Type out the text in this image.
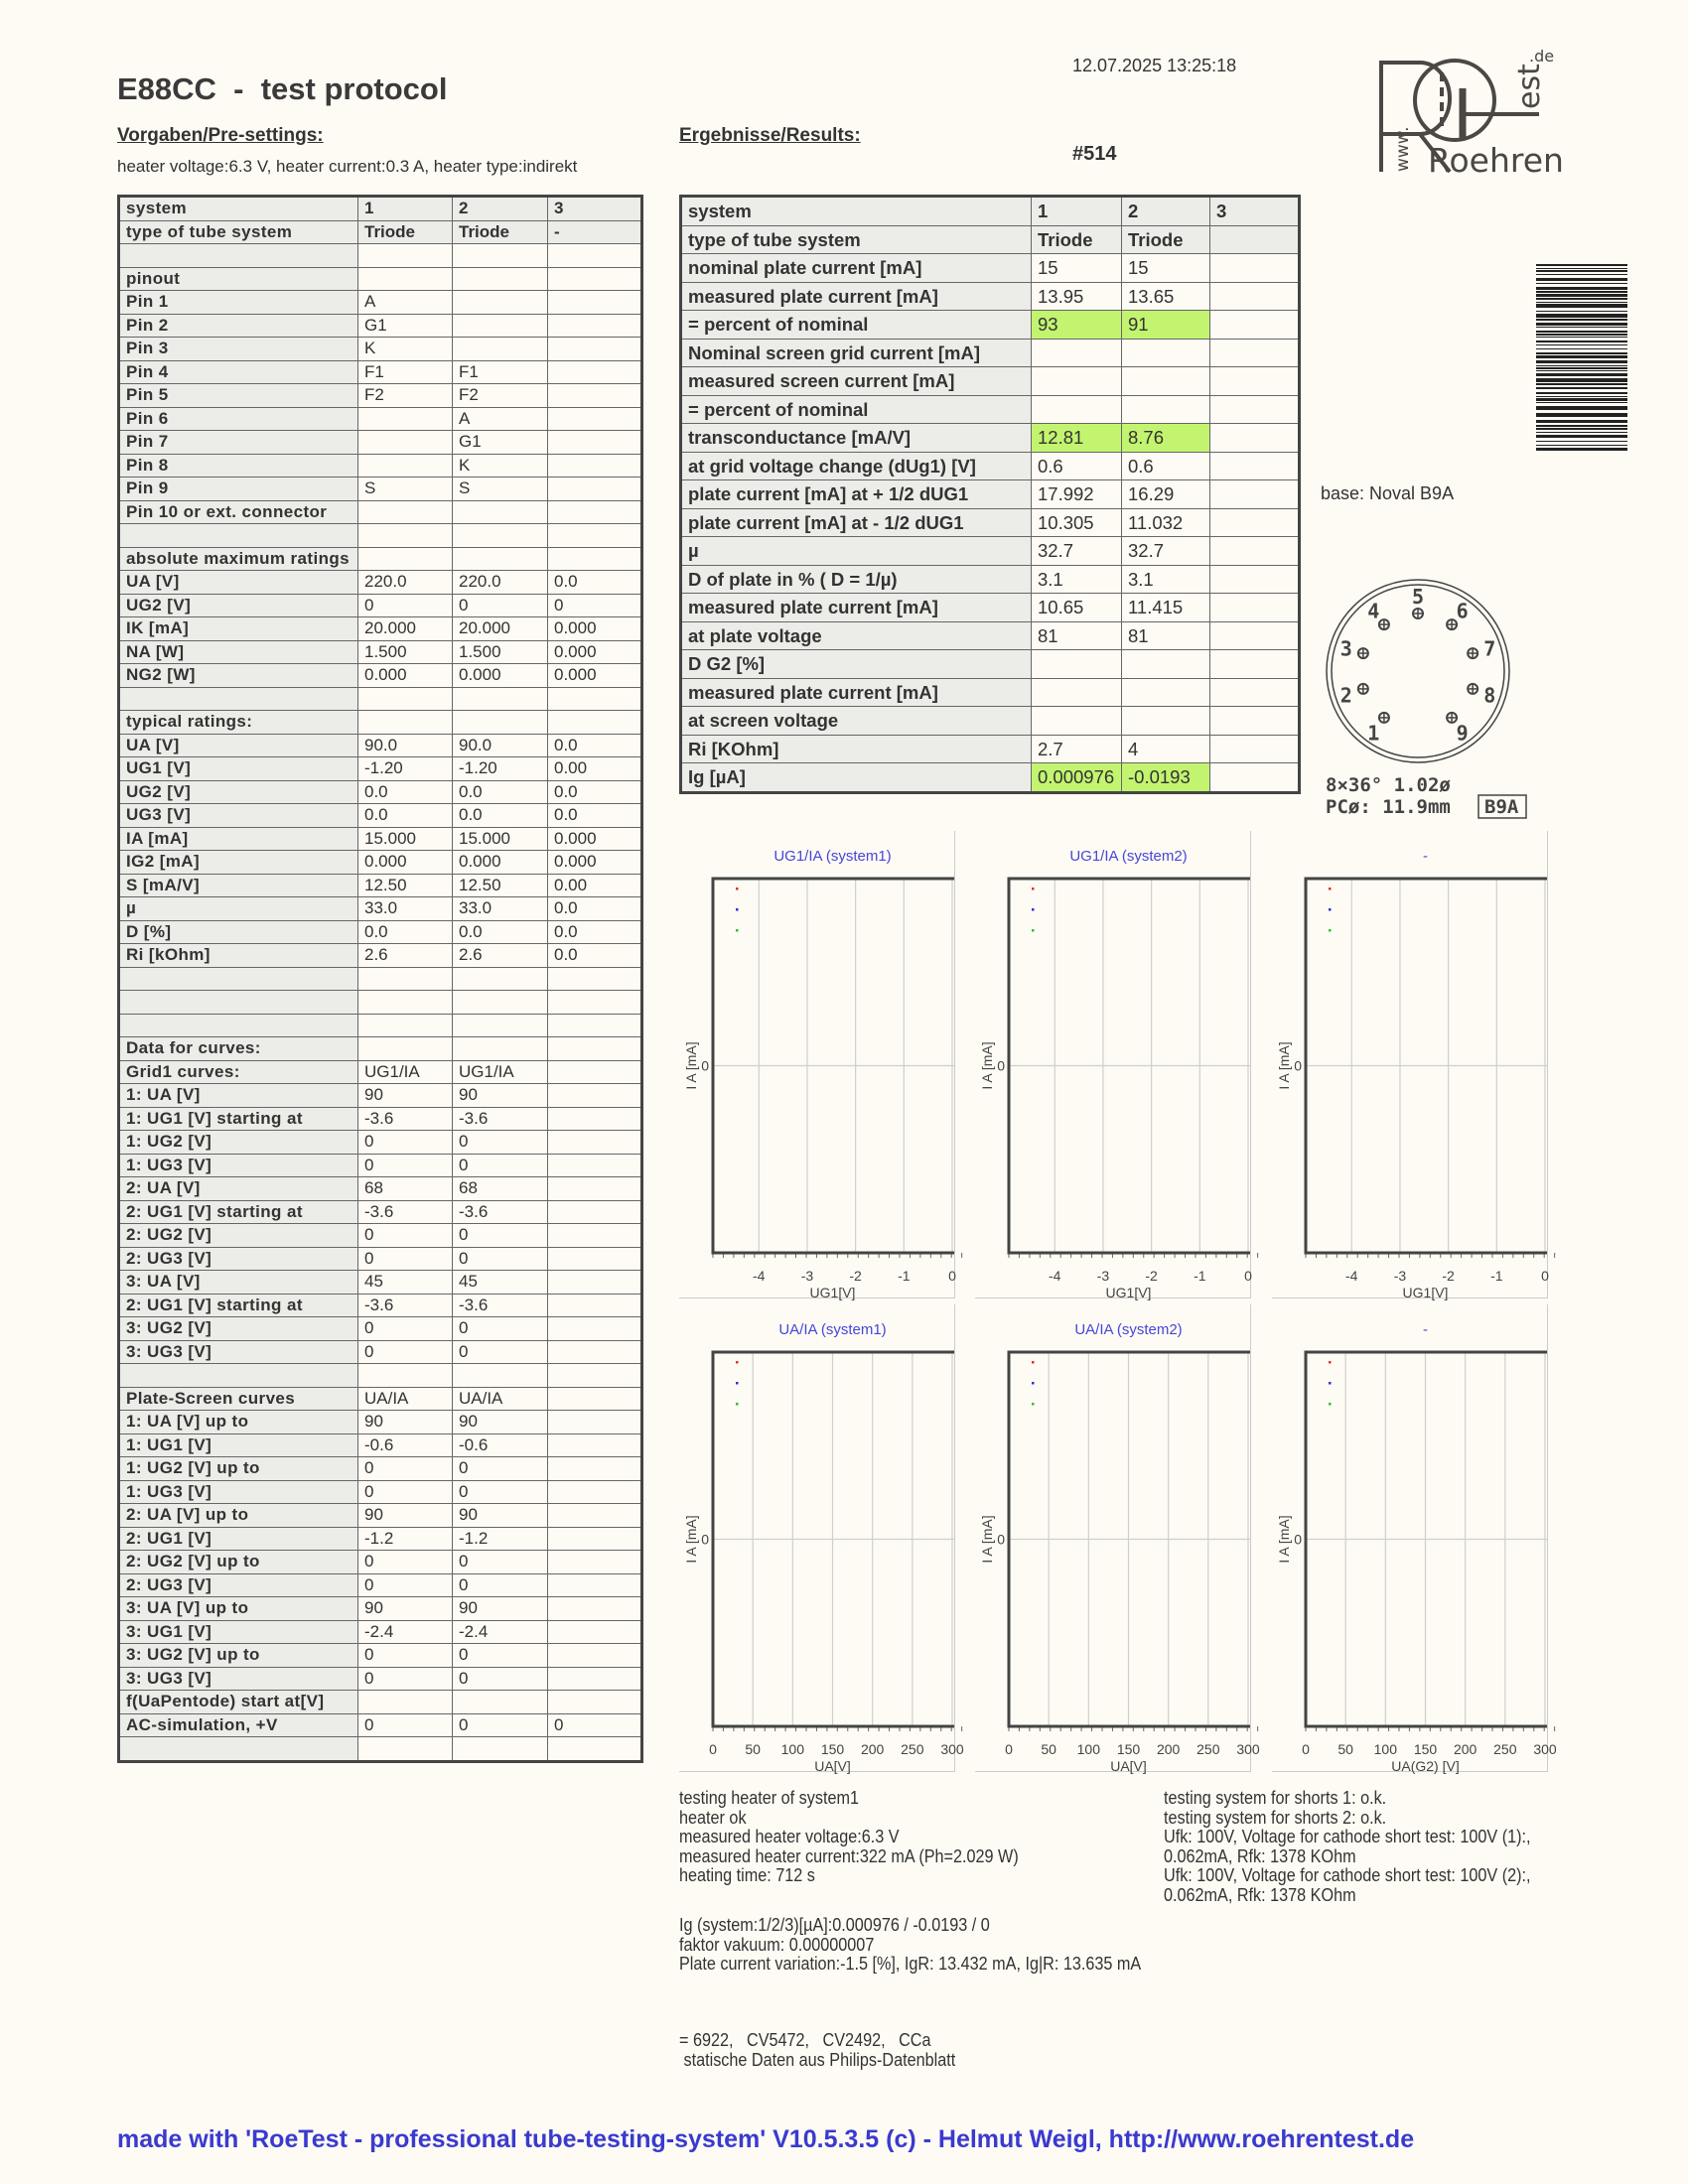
E88CC  -  test protocol
12.07.2025 13:25:18
Vorgaben/Pre-settings:
heater voltage:6.3 V, heater current:0.3 A, heater type:indirekt
Ergebnisse/Results:
#514
est
.de
www. Roehren
system	1	2	3
type of tube system	Triode	Triode	-

pinout			
Pin 1	A		
Pin 2	G1		
Pin 3	K		
Pin 4	F1	F1	
Pin 5	F2	F2	
Pin 6		A	
Pin 7		G1	
Pin 8		K	
Pin 9	S	S	
Pin 10 or ext. connector			

absolute maximum ratings			
UA [V]	220.0	220.0	0.0
UG2 [V]	0	0	0
IK [mA]	20.000	20.000	0.000
NA [W]	1.500	1.500	0.000
NG2 [W]	0.000	0.000	0.000

typical ratings:			
UA [V]	90.0	90.0	0.0
UG1 [V]	-1.20	-1.20	0.00
UG2 [V]	0.0	0.0	0.0
UG3 [V]	0.0	0.0	0.0
IA [mA]	15.000	15.000	0.000
IG2 [mA]	0.000	0.000	0.000
S [mA/V]	12.50	12.50	0.00
µ	33.0	33.0	0.0
D [%]	0.0	0.0	0.0
Ri [kOhm]	2.6	2.6	0.0

Data for curves:			
Grid1 curves:	UG1/IA	UG1/IA	
1: UA [V]	90	90	
1: UG1 [V] starting at	-3.6	-3.6	
1: UG2 [V]	0	0	
1: UG3 [V]	0	0	
2: UA [V]	68	68	
2: UG1 [V] starting at	-3.6	-3.6	
2: UG2 [V]	0	0	
2: UG3 [V]	0	0	
3: UA [V]	45	45	
2: UG1 [V] starting at	-3.6	-3.6	
3: UG2 [V]	0	0	
3: UG3 [V]	0	0	

Plate-Screen curves	UA/IA	UA/IA	
1: UA [V] up to	90	90	
1: UG1 [V]	-0.6	-0.6	
1: UG2 [V] up to	0	0	
1: UG3 [V]	0	0	
2: UA [V] up to	90	90	
2: UG1 [V]	-1.2	-1.2	
2: UG2 [V] up to	0	0	
2: UG3 [V]	0	0	
3: UA [V] up to	90	90	
3: UG1 [V]	-2.4	-2.4	
3: UG2 [V] up to	0	0	
3: UG3 [V]	0	0	
f(UaPentode) start at[V]			
AC-simulation, +V	0	0	0

system	1	2	3
type of tube system	Triode	Triode	
nominal plate current [mA]	15	15	
measured plate current [mA]	13.95	13.65	
= percent of nominal	93	91	
Nominal screen grid current [mA]			
measured screen current [mA]			
= percent of nominal			
transconductance [mA/V]	12.81	8.76	
at grid voltage change (dUg1) [V]	0.6	0.6	
plate current [mA] at + 1/2 dUG1	17.992	16.29	
plate current [mA] at - 1/2 dUG1	10.305	11.032	
µ	32.7	32.7	
D of plate in % ( D = 1/µ)	3.1	3.1	
measured plate current [mA]	10.65	11.415	
at plate voltage	81	81	
D G2 [%]			
measured plate current [mA]			
at screen voltage			
Ri [KOhm]	2.7	4	
Ig [µA]	0.000976	-0.0193	
base: Noval B9A
1
2
3
4
5
6
7
8
9
8×36° 1.02ø
PCø: 11.9mm B9A
-4	-3	-2	-1	0
0
I A [mA]
UG1[V]
UG1/IA (system1)
-4	-3	-2	-1	0
0
I A [mA]
UG1[V]
UG1/IA (system2)
-4	-3	-2	-1	0
0
I A [mA]
UG1[V]
-
0 50 100 150 200 250 300
0
I A [mA]
UA[V]
UA/IA (system1)
0 50 100 150 200 250 300
0
I A [mA]
UA[V]
UA/IA (system2)
0 50 100 150 200 250 300
0
I A [mA]
UA(G2) [V]
-
testing heater of system1
heater ok
measured heater voltage:6.3 V
measured heater current:322 mA (Ph=2.029 W)
heating time: 712 s
testing system for shorts 1: o.k.
testing system for shorts 2: o.k.
Ufk: 100V, Voltage for cathode short test: 100V (1):,
0.062mA, Rfk: 1378 KOhm
Ufk: 100V, Voltage for cathode short test: 100V (2):,
0.062mA, Rfk: 1378 KOhm
Ig (system:1/2/3)[µA]:0.000976 / -0.0193 / 0
faktor vakuum: 0.00000007
Plate current variation:-1.5 [%], IgR: 13.432 mA, Ig|R: 13.635 mA
= 6922,   CV5472,   CV2492,   CCa
statische Daten aus Philips-Datenblatt
made with 'RoeTest - professional tube-testing-system' V10.5.3.5 (c) - Helmut Weigl, http://www.roehrentest.de
